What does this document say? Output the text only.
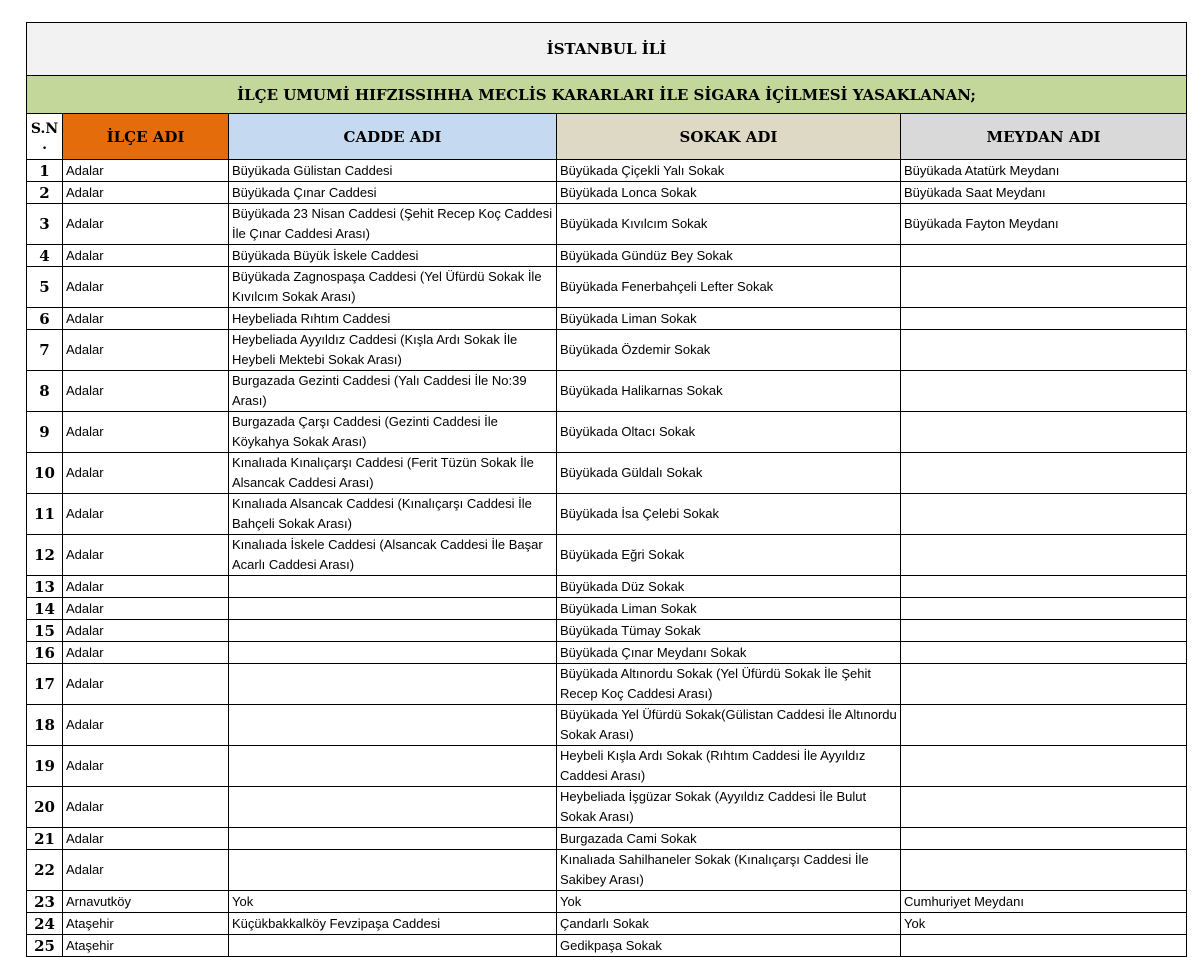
İSTANBUL İLİ				
İLÇE UMUMİ HIFZISSIHHA MECLİS KARARLARI İLE SİGARA İÇİLMESİ YASAKLANAN;				
S.N
.	İLÇE ADI	CADDE ADI	SOKAK ADI	MEYDAN ADI
1	Adalar	Büyükada Gülistan Caddesi	Büyükada Çiçekli Yalı Sokak	Büyükada Atatürk Meydanı
2	Adalar	Büyükada Çınar Caddesi	Büyükada Lonca Sokak	Büyükada Saat Meydanı
3	Adalar	Büyükada 23 Nisan Caddesi (Şehit Recep Koç Caddesi İle Çınar Caddesi Arası)	Büyükada Kıvılcım Sokak	Büyükada Fayton Meydanı
4	Adalar	Büyükada Büyük İskele Caddesi	Büyükada Gündüz Bey Sokak	
5	Adalar	Büyükada Zagnospaşa Caddesi (Yel Üfürdü Sokak İle Kıvılcım Sokak Arası)	Büyükada Fenerbahçeli Lefter Sokak	
6	Adalar	Heybeliada Rıhtım Caddesi	Büyükada Liman Sokak	
7	Adalar	Heybeliada Ayyıldız Caddesi (Kışla Ardı Sokak İle Heybeli Mektebi Sokak Arası)	Büyükada Özdemir Sokak	
8	Adalar	Burgazada Gezinti Caddesi (Yalı Caddesi İle No:39 Arası)	Büyükada Halikarnas Sokak	
9	Adalar	Burgazada Çarşı Caddesi (Gezinti Caddesi İle Köykahya Sokak Arası)	Büyükada Oltacı Sokak	
10	Adalar	Kınalıada Kınalıçarşı Caddesi (Ferit Tüzün Sokak İle Alsancak Caddesi Arası)	Büyükada Güldalı Sokak	
11	Adalar	Kınalıada Alsancak Caddesi (Kınalıçarşı Caddesi İle Bahçeli Sokak Arası)	Büyükada İsa Çelebi Sokak	
12	Adalar	Kınalıada İskele Caddesi (Alsancak Caddesi İle Başar Acarlı Caddesi Arası)	Büyükada Eğri Sokak	
13	Adalar		Büyükada Düz Sokak	
14	Adalar		Büyükada Liman Sokak	
15	Adalar		Büyükada Tümay Sokak	
16	Adalar		Büyükada Çınar Meydanı Sokak	
17	Adalar		Büyükada Altınordu Sokak (Yel Üfürdü Sokak İle Şehit Recep Koç Caddesi Arası)	
18	Adalar		Büyükada Yel Üfürdü Sokak(Gülistan Caddesi İle Altınordu Sokak Arası)	
19	Adalar		Heybeli Kışla Ardı Sokak (Rıhtım Caddesi İle Ayyıldız Caddesi Arası)	
20	Adalar		Heybeliada İşgüzar Sokak (Ayyıldız Caddesi İle Bulut Sokak Arası)	
21	Adalar		Burgazada Cami Sokak	
22	Adalar		Kınalıada Sahilhaneler Sokak (Kınalıçarşı Caddesi İle Sakibey Arası)	
23	Arnavutköy	Yok	Yok	Cumhuriyet Meydanı
24	Ataşehir	Küçükbakkalköy Fevzipaşa Caddesi	Çandarlı Sokak	Yok
25	Ataşehir		Gedikpaşa Sokak	
